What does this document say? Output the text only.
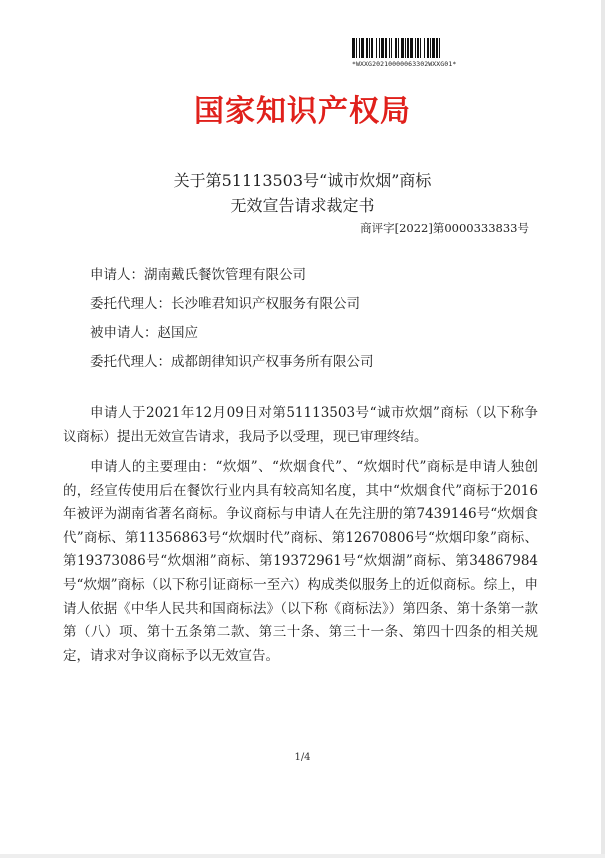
*WXXG20210000063302WXXG01*
国家知识产权局
关于第51113503号“诚市炊烟”商标
无效宣告请求裁定书
商评字[2022]第0000333833号
申请人：湖南戴氏餐饮管理有限公司
委托代理人：长沙唯君知识产权服务有限公司
被申请人：赵国应
委托代理人：成都朗律知识产权事务所有限公司
申请人于2021年12月09日对第51113503号“诚市炊烟”商标（以下称争议商标）提出无效宣告请求，我局予以受理，现已审理终结。
申请人的主要理由：“炊烟”、“炊烟食代”、“炊烟时代”商标是申请人独创的，经宣传使用后在餐饮行业内具有较高知名度，其中“炊烟食代”商标于2016年被评为湖南省著名商标。争议商标与申请人在先注册的第7439146号“炊烟食代”商标、第11356863号“炊烟时代”商标、第12670806号“炊烟印象”商标、第19373086号“炊烟湘”商标、第19372961号“炊烟湖”商标、第34867984号“炊烟”商标（以下称引证商标一至六）构成类似服务上的近似商标。综上，申请人依据《中华人民共和国商标法》（以下称《商标法》）第四条、第十条第一款第（八）项、第十五条第二款、第三十条、第三十一条、第四十四条的相关规定，请求对争议商标予以无效宣告。
1/4
